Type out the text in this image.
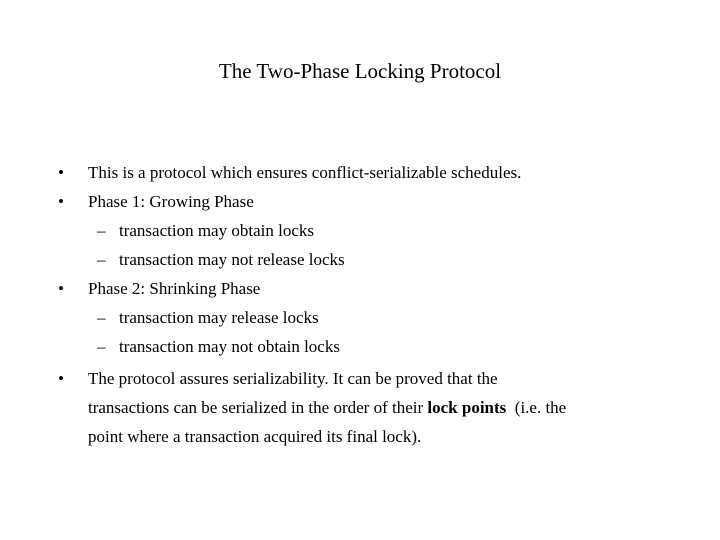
The Two-Phase Locking Protocol
• This is a protocol which ensures conflict-serializable schedules.
• Phase 1: Growing Phase
– transaction may obtain locks
– transaction may not release locks
• Phase 2: Shrinking Phase
– transaction may release locks
– transaction may not obtain locks
• The protocol assures serializability. It can be proved that the
transactions can be serialized in the order of their lock points  (i.e. the
point where a transaction acquired its final lock).
